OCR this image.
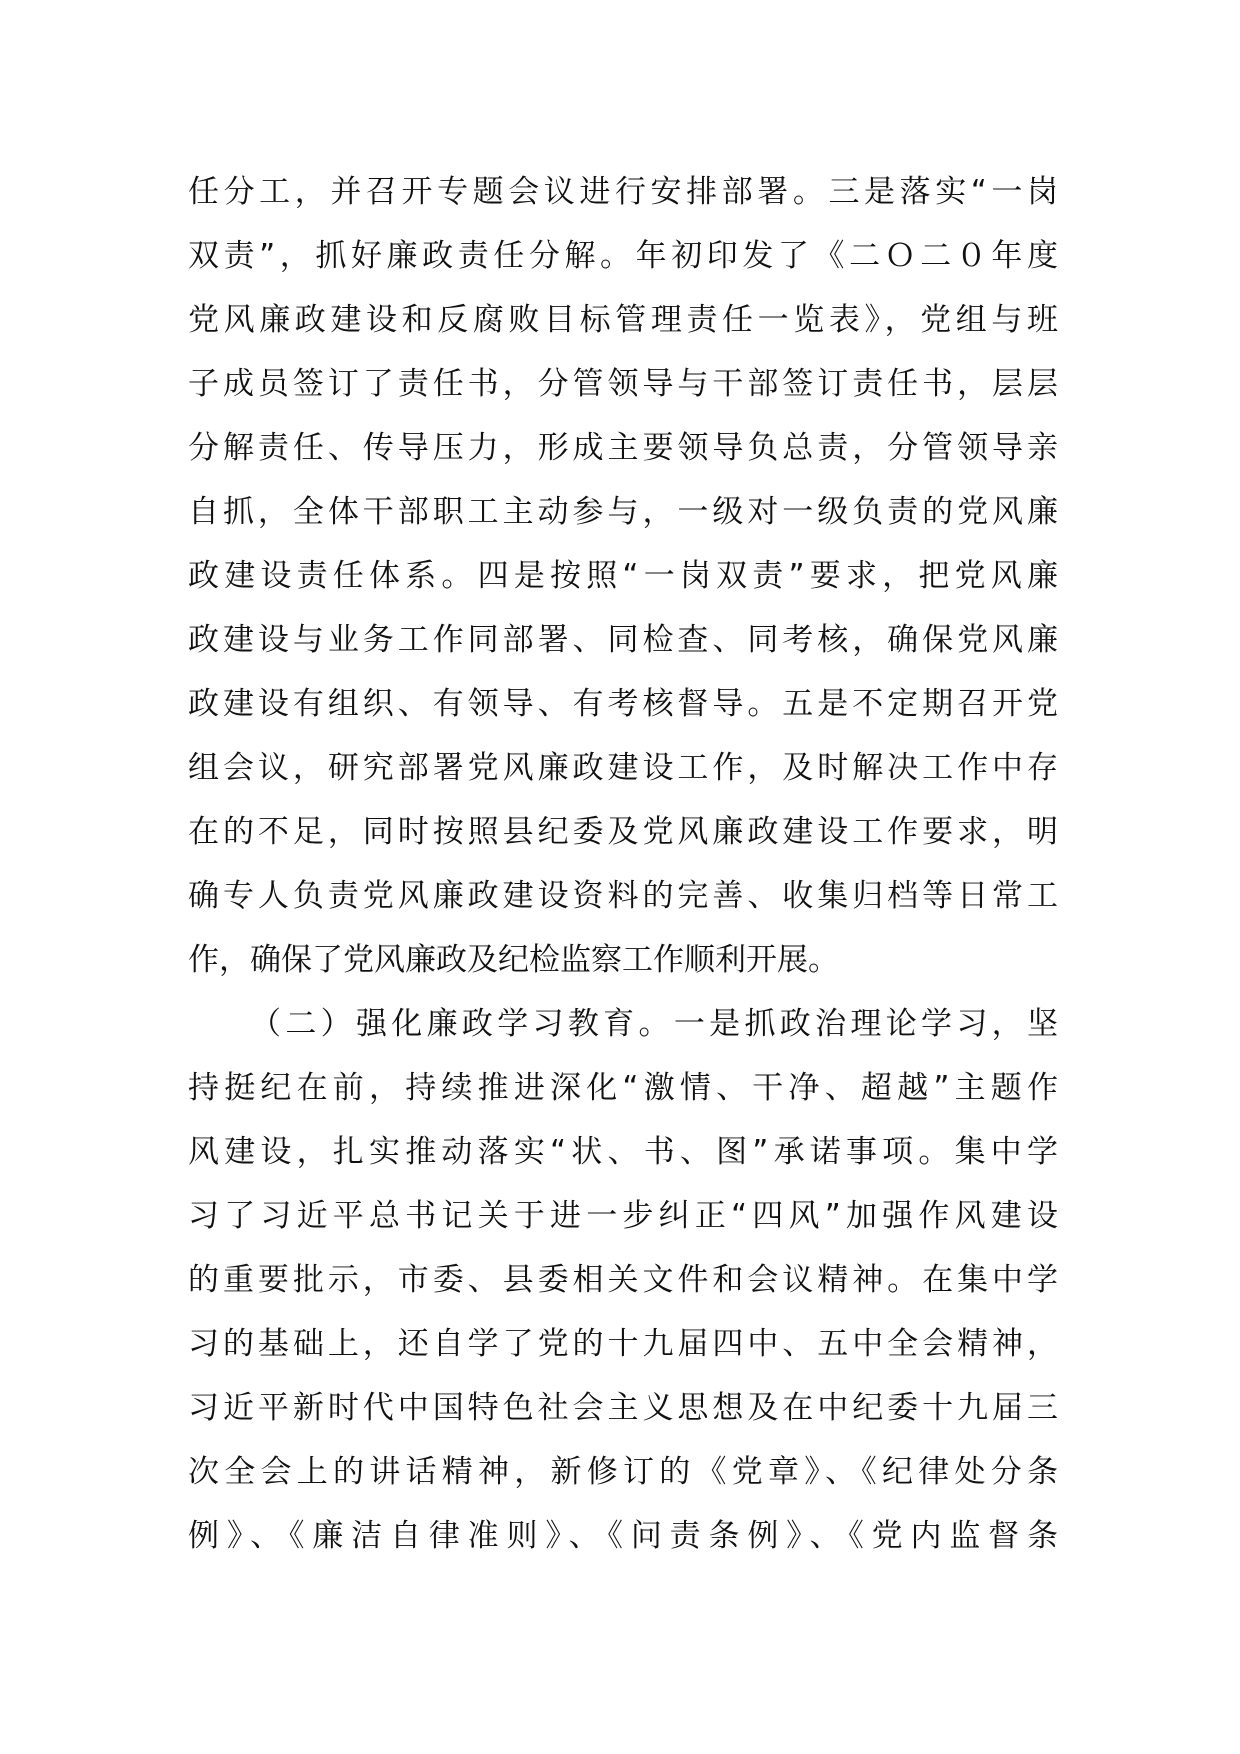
任分工，并召开专题会议进行安排部署。三是落实“一岗
双责”，抓好廉政责任分解。年初印发了《二Ｏ二０年度
党风廉政建设和反腐败目标管理责任一览表》，党组与班
子成员签订了责任书，分管领导与干部签订责任书，层层
分解责任、传导压力，形成主要领导负总责，分管领导亲
自抓，全体干部职工主动参与，一级对一级负责的党风廉
政建设责任体系。四是按照“一岗双责”要求，把党风廉
政建设与业务工作同部署、同检查、同考核，确保党风廉
政建设有组织、有领导、有考核督导。五是不定期召开党
组会议，研究部署党风廉政建设工作，及时解决工作中存
在的不足，同时按照县纪委及党风廉政建设工作要求，明
确专人负责党风廉政建设资料的完善、收集归档等日常工
作，确保了党风廉政及纪检监察工作顺利开展。
（二）强化廉政学习教育。一是抓政治理论学习，坚
持挺纪在前，持续推进深化“激情、干净、超越”主题作
风建设，扎实推动落实“状、书、图”承诺事项。集中学
习了习近平总书记关于进一步纠正“四风”加强作风建设
的重要批示，市委、县委相关文件和会议精神。在集中学
习的基础上，还自学了党的十九届四中、五中全会精神，
习近平新时代中国特色社会主义思想及在中纪委十九届三
次全会上的讲话精神，新修订的《党章》、《纪律处分条
例》、《廉洁自律准则》、《问责条例》、《党内监督条
